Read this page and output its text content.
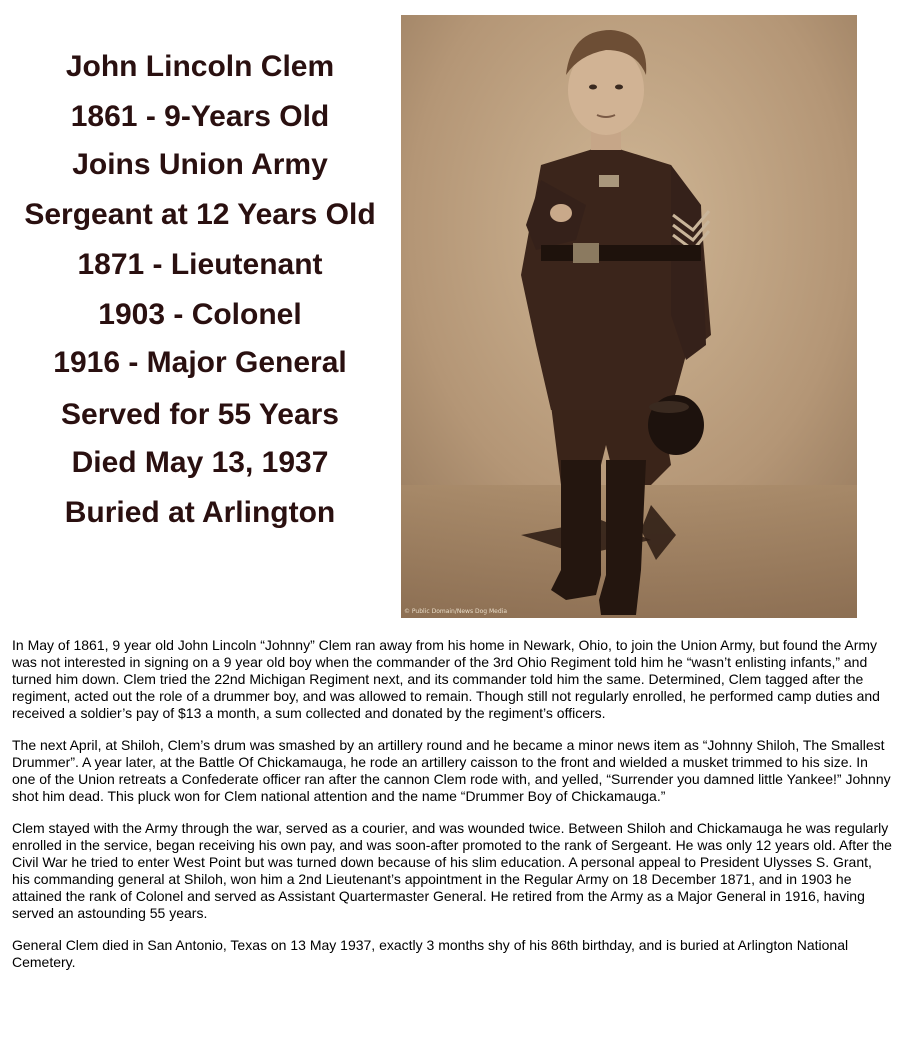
John Lincoln Clem
1861 - 9-Years Old
Joins Union Army
Sergeant at 12 Years Old
1871 - Lieutenant
1903 - Colonel
1916 - Major General
Served for 55 Years
Died May 13, 1937
Buried at Arlington
© Public Domain/News Dog Media

In May of 1861, 9 year old John Lincoln “Johnny” Clem ran away from his home in Newark, Ohio, to join the Union Army, but found the Army was not interested in signing on a 9 year old boy when the commander of the 3rd Ohio Regiment told him he “wasn’t enlisting infants,” and turned him down. Clem tried the 22nd Michigan Regiment next, and its commander told him the same. Determined, Clem tagged after the regiment, acted out the role of a drummer boy, and was allowed to remain. Though still not regularly enrolled, he performed camp duties and received a soldier’s pay of $13 a month, a sum collected and donated by the regiment’s officers.

The next April, at Shiloh, Clem’s drum was smashed by an artillery round and he became a minor news item as “Johnny Shiloh, The Smallest Drummer”. A year later, at the Battle Of Chickamauga, he rode an artillery caisson to the front and wielded a musket trimmed to his size. In one of the Union retreats a Confederate officer ran after the cannon Clem rode with, and yelled, “Surrender you damned little Yankee!” Johnny shot him dead. This pluck won for Clem national attention and the name “Drummer Boy of Chickamauga.”

Clem stayed with the Army through the war, served as a courier, and was wounded twice. Between Shiloh and Chickamauga he was regularly enrolled in the service, began receiving his own pay, and was soon-after promoted to the rank of Sergeant. He was only 12 years old. After the Civil War he tried to enter West Point but was turned down because of his slim education. A personal appeal to President Ulysses S. Grant, his commanding general at Shiloh, won him a 2nd Lieutenant’s appointment in the Regular Army on 18 December 1871, and in 1903 he attained the rank of Colonel and served as Assistant Quartermaster General. He retired from the Army as a Major General in 1916, having served an astounding 55 years.

General Clem died in San Antonio, Texas on 13 May 1937, exactly 3 months shy of his 86th birthday, and is buried at Arlington National Cemetery.
